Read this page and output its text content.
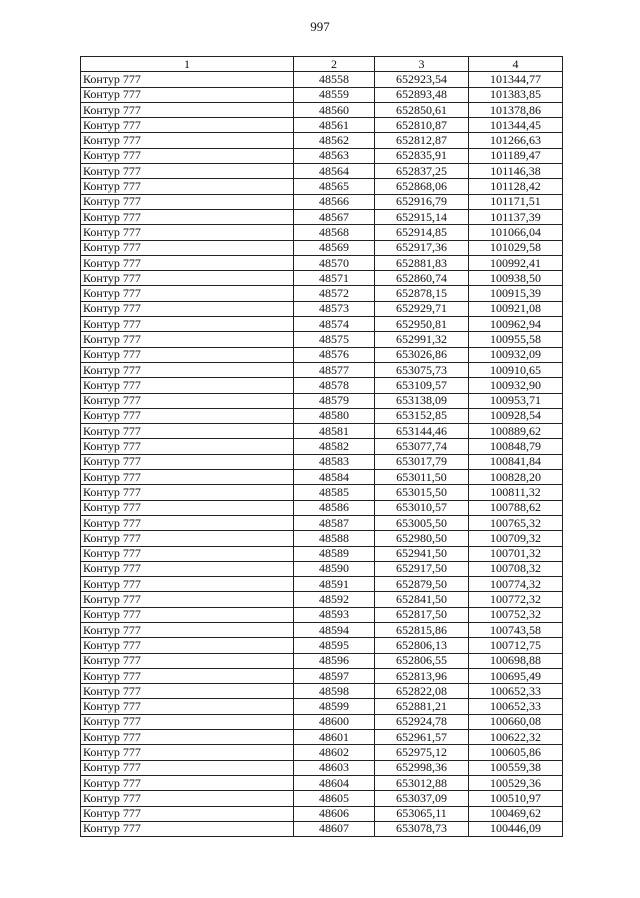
997
1	2	3	4
Контур 777	48558	652923,54	101344,77
Контур 777	48559	652893,48	101383,85
Контур 777	48560	652850,61	101378,86
Контур 777	48561	652810,87	101344,45
Контур 777	48562	652812,87	101266,63
Контур 777	48563	652835,91	101189,47
Контур 777	48564	652837,25	101146,38
Контур 777	48565	652868,06	101128,42
Контур 777	48566	652916,79	101171,51
Контур 777	48567	652915,14	101137,39
Контур 777	48568	652914,85	101066,04
Контур 777	48569	652917,36	101029,58
Контур 777	48570	652881,83	100992,41
Контур 777	48571	652860,74	100938,50
Контур 777	48572	652878,15	100915,39
Контур 777	48573	652929,71	100921,08
Контур 777	48574	652950,81	100962,94
Контур 777	48575	652991,32	100955,58
Контур 777	48576	653026,86	100932,09
Контур 777	48577	653075,73	100910,65
Контур 777	48578	653109,57	100932,90
Контур 777	48579	653138,09	100953,71
Контур 777	48580	653152,85	100928,54
Контур 777	48581	653144,46	100889,62
Контур 777	48582	653077,74	100848,79
Контур 777	48583	653017,79	100841,84
Контур 777	48584	653011,50	100828,20
Контур 777	48585	653015,50	100811,32
Контур 777	48586	653010,57	100788,62
Контур 777	48587	653005,50	100765,32
Контур 777	48588	652980,50	100709,32
Контур 777	48589	652941,50	100701,32
Контур 777	48590	652917,50	100708,32
Контур 777	48591	652879,50	100774,32
Контур 777	48592	652841,50	100772,32
Контур 777	48593	652817,50	100752,32
Контур 777	48594	652815,86	100743,58
Контур 777	48595	652806,13	100712,75
Контур 777	48596	652806,55	100698,88
Контур 777	48597	652813,96	100695,49
Контур 777	48598	652822,08	100652,33
Контур 777	48599	652881,21	100652,33
Контур 777	48600	652924,78	100660,08
Контур 777	48601	652961,57	100622,32
Контур 777	48602	652975,12	100605,86
Контур 777	48603	652998,36	100559,38
Контур 777	48604	653012,88	100529,36
Контур 777	48605	653037,09	100510,97
Контур 777	48606	653065,11	100469,62
Контур 777	48607	653078,73	100446,09
